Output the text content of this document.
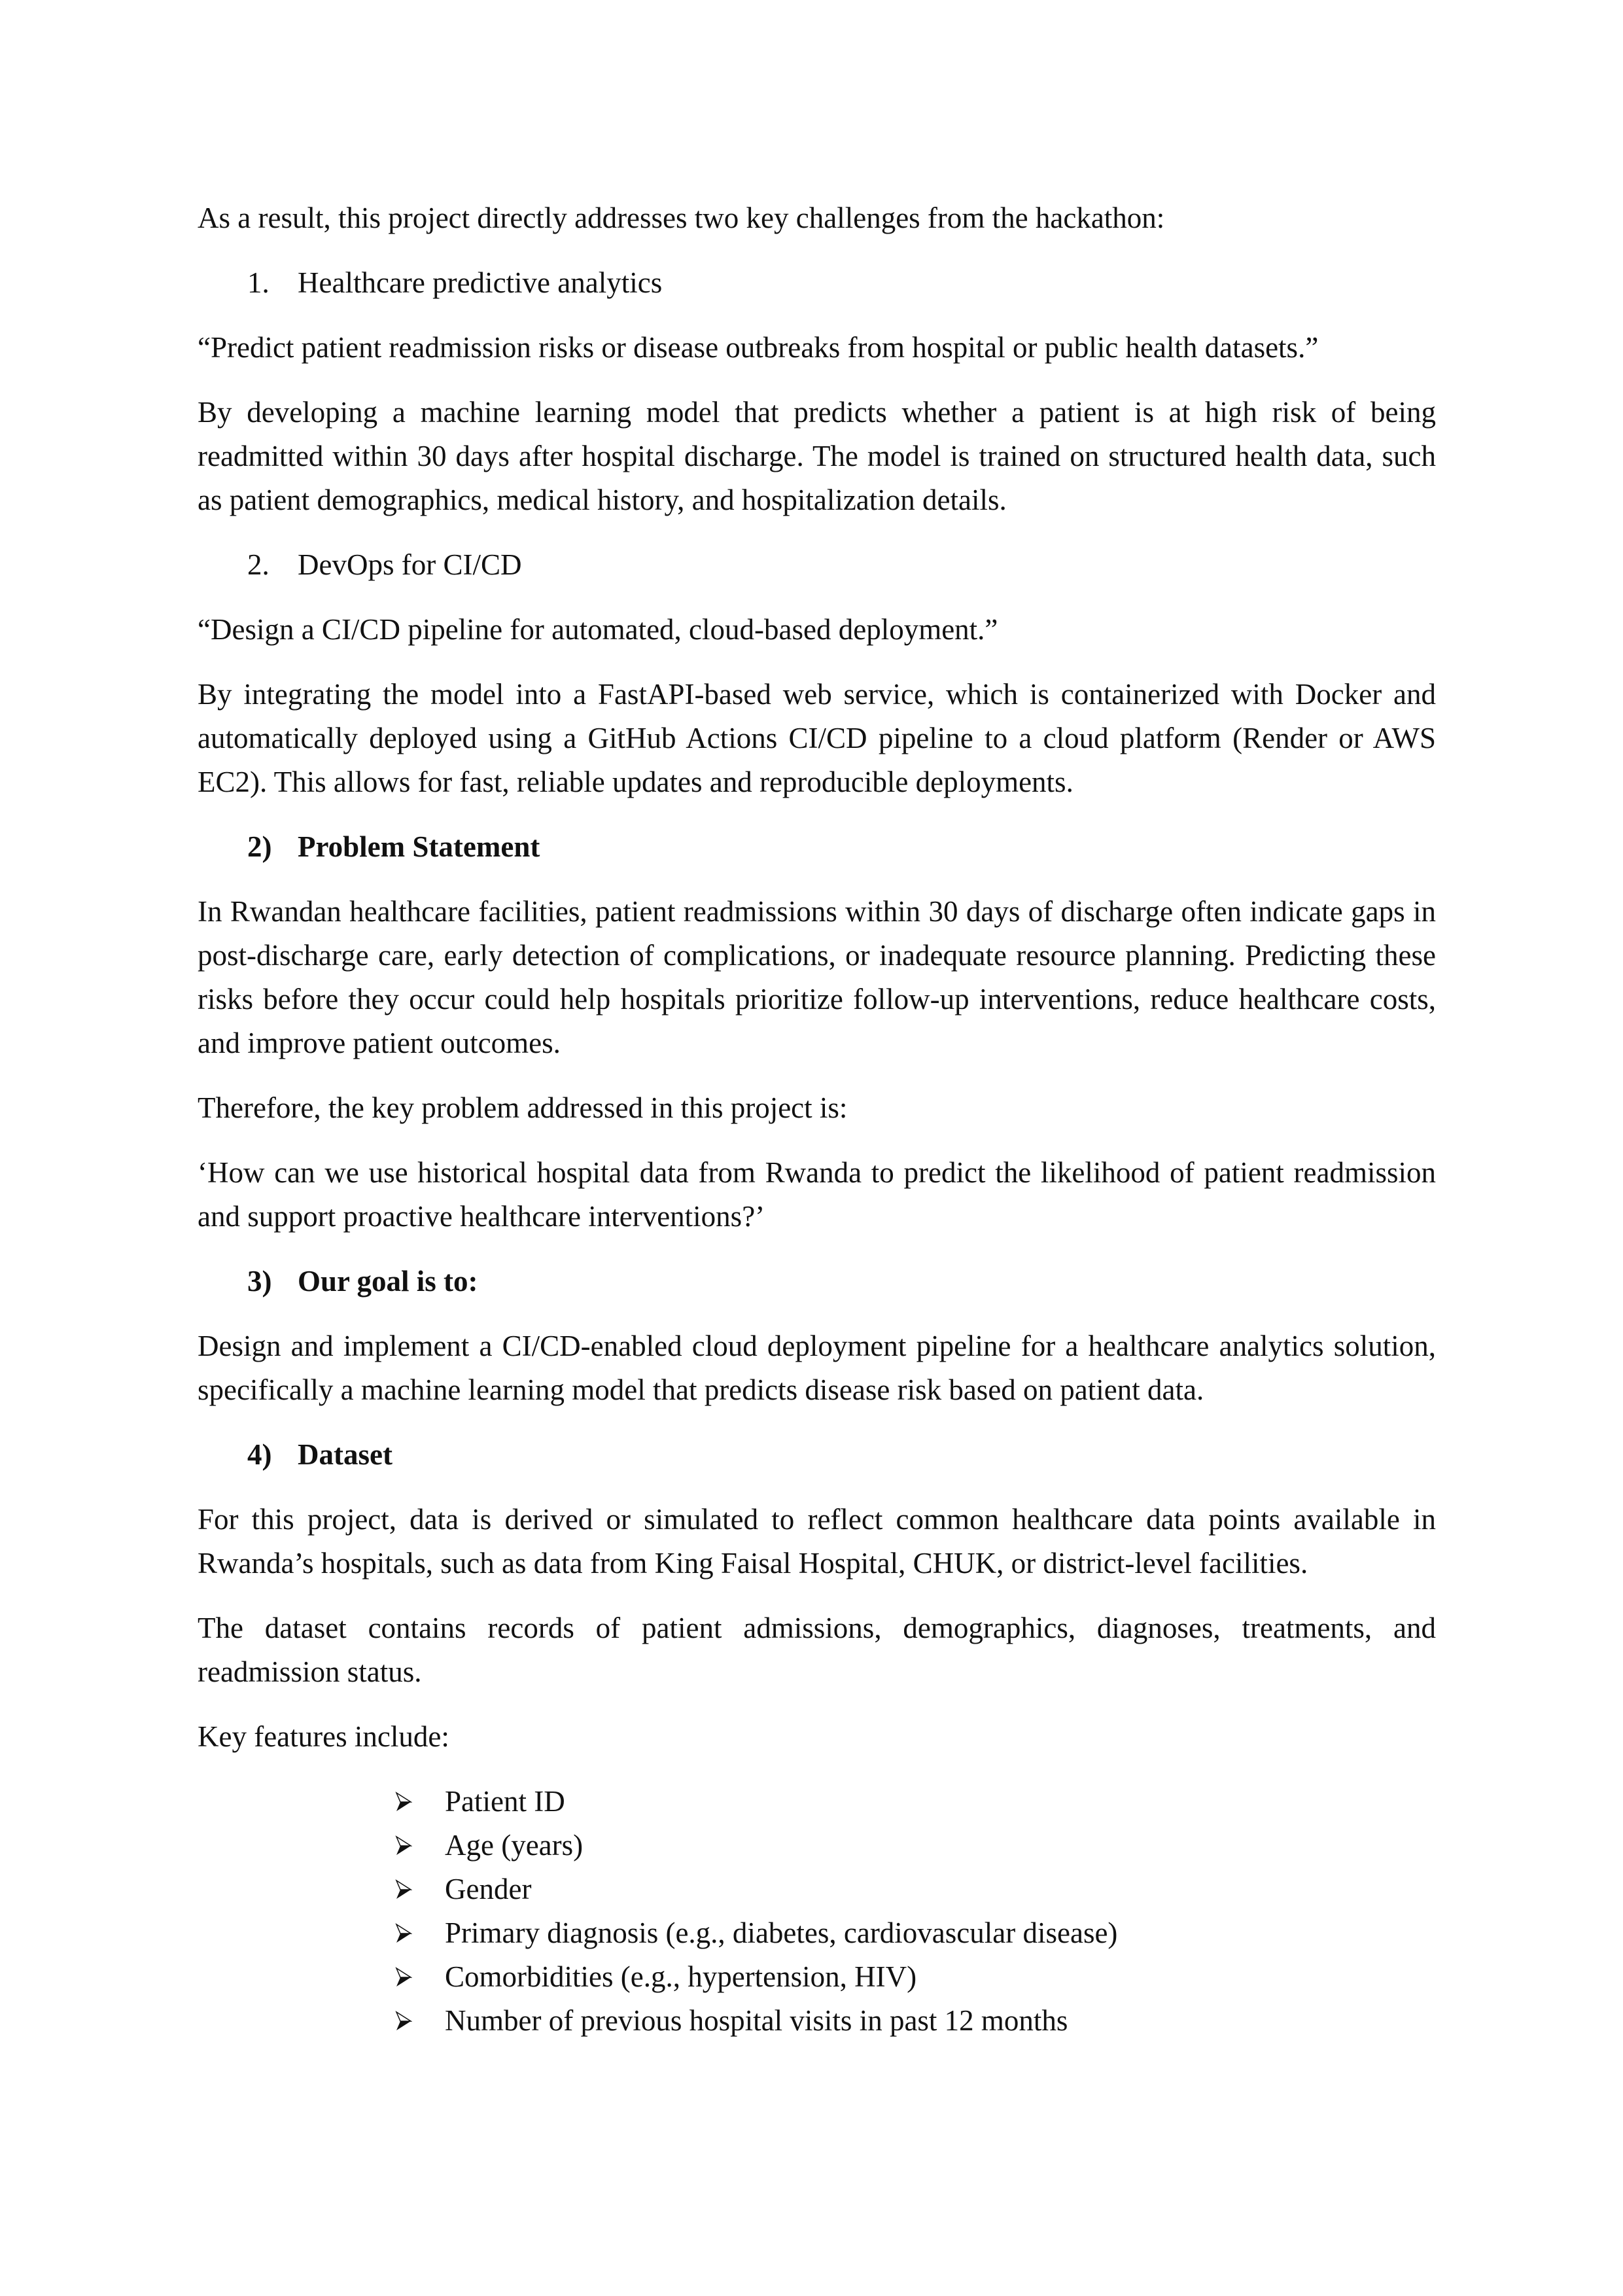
As a result, this project directly addresses two key challenges from the hackathon:

1. Healthcare predictive analytics

“Predict patient readmission risks or disease outbreaks from hospital or public health datasets.”

By developing a machine learning model that predicts whether a patient is at high risk of being readmitted within 30 days after hospital discharge. The model is trained on structured health data, such as patient demographics, medical history, and hospitalization details.

2. DevOps for CI/CD

“Design a CI/CD pipeline for automated, cloud-based deployment.”

By integrating the model into a FastAPI-based web service, which is containerized with Docker and automatically deployed using a GitHub Actions CI/CD pipeline to a cloud platform (Render or AWS EC2). This allows for fast, reliable updates and reproducible deployments.

2) Problem Statement

In Rwandan healthcare facilities, patient readmissions within 30 days of discharge often indicate gaps in post-discharge care, early detection of complications, or inadequate resource planning. Predicting these risks before they occur could help hospitals prioritize follow-up interventions, reduce healthcare costs, and improve patient outcomes.

Therefore, the key problem addressed in this project is:

‘How can we use historical hospital data from Rwanda to predict the likelihood of patient readmission and support proactive healthcare interventions?’

3) Our goal is to:

Design and implement a CI/CD-enabled cloud deployment pipeline for a healthcare analytics solution, specifically a machine learning model that predicts disease risk based on patient data.

4) Dataset

For this project, data is derived or simulated to reflect common healthcare data points available in Rwanda’s hospitals, such as data from King Faisal Hospital, CHUK, or district-level facilities.

The dataset contains records of patient admissions, demographics, diagnoses, treatments, and readmission status.

Key features include:

Patient ID
Age (years)
Gender
Primary diagnosis (e.g., diabetes, cardiovascular disease)
Comorbidities (e.g., hypertension, HIV)
Number of previous hospital visits in past 12 months
